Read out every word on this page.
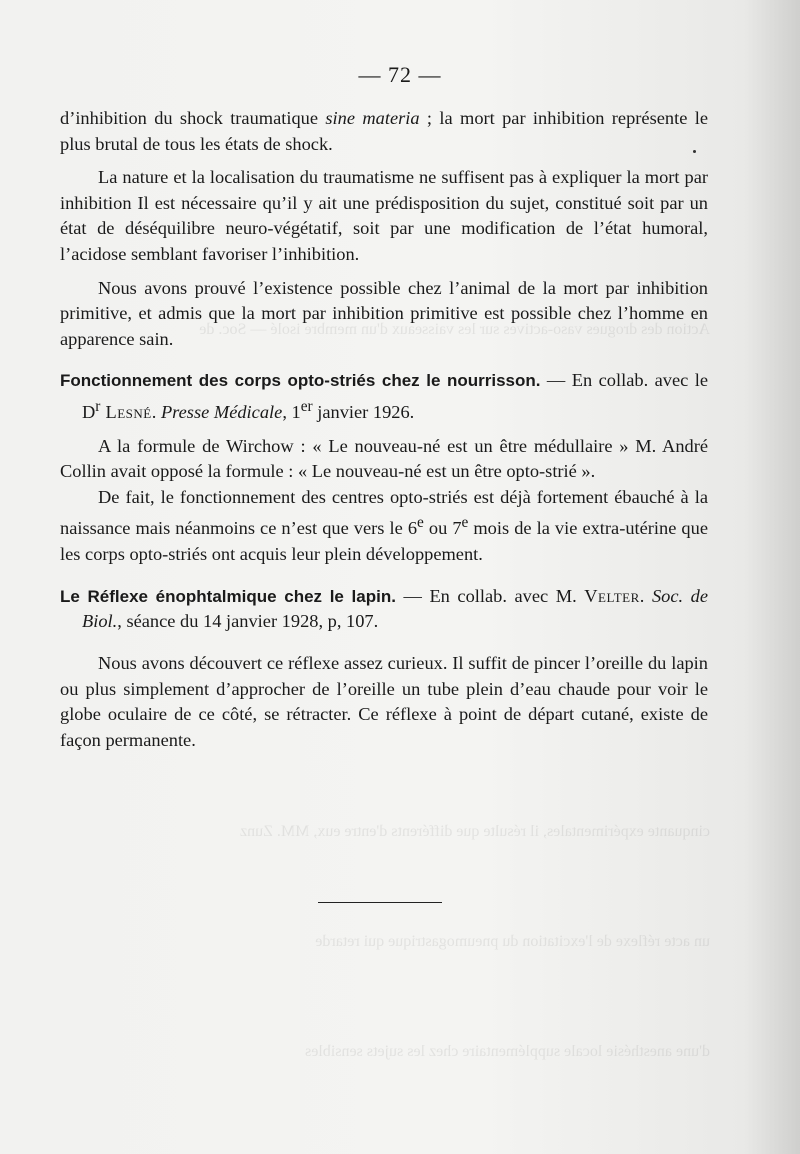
Action des drogues vaso-actives sur les vaisseaux d'un membre isolé — Soc. de
cinquante expérimentales, il résulte que différents d'entre eux, MM. Zunz
un acte réflexe de l'excitation du pneumogastrique qui retarde
d'une anesthésie locale supplémentaire chez les sujets sensibles
— 72 —

d’inhibition du shock traumatique sine materia ; la mort par inhibition représente le plus brutal de tous les états de shock.

La nature et la localisation du traumatisme ne suffisent pas à expliquer la mort par inhibition Il est nécessaire qu’il y ait une prédisposition du sujet, constitué soit par un état de déséquilibre neuro-végétatif, soit par une modification de l’état humoral, l’acidose semblant favoriser l’inhibition.

Nous avons prouvé l’existence possible chez l’animal de la mort par inhibition primitive, et admis que la mort par inhibition primitive est possible chez l’homme en apparence sain.

Fonctionnement des corps opto-striés chez le nourrisson. — En collab. avec le $D^r$ Lesné. Presse Médicale, 1er janvier 1926.

A la formule de Wirchow : « Le nouveau-né est un être médullaire » M. André Collin avait opposé la formule : « Le nouveau-né est un être opto-strié ».

De fait, le fonctionnement des centres opto-striés est déjà fortement ébauché à la naissance mais néanmoins ce n’est que vers le 6e ou 7e mois de la vie extra-utérine que les corps opto-striés ont acquis leur plein développement.

Le Réflexe énophtalmique chez le lapin. — En collab. avec M. Velter. Soc. de Biol., séance du 14 janvier 1928, p, 107.

Nous avons découvert ce réflexe assez curieux. Il suffit de pincer l’oreille du lapin ou plus simplement d’approcher de l’oreille un tube plein d’eau chaude pour voir le globe oculaire de ce côté, se rétracter. Ce réflexe à point de départ cutané, existe de façon permanente.
